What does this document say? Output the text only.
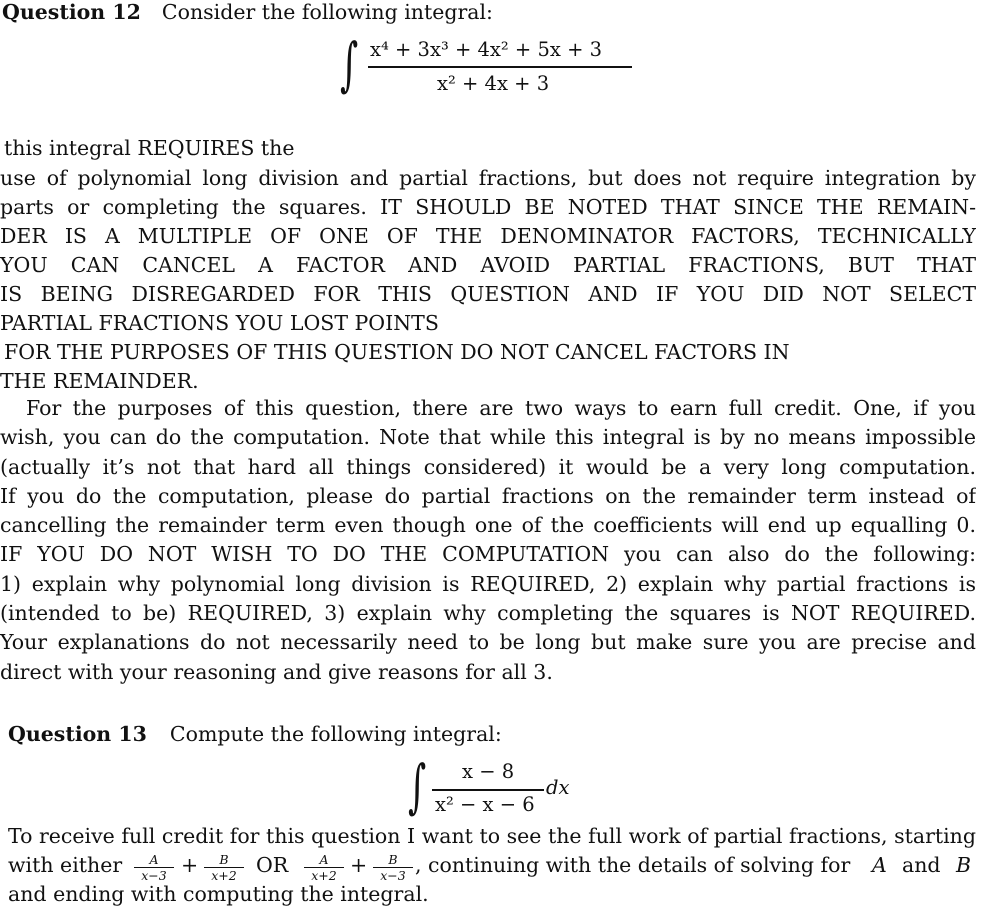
Question 12 Consider the following integral:
∫ x⁴ + 3x³ + 4x² + 5x + 3
x² + 4x + 3
this integral REQUIRES the
use of polynomial long division and partial fractions, but does not require integration by
parts or completing the squares. IT SHOULD BE NOTED THAT SINCE THE REMAIN-
DER IS A MULTIPLE OF ONE OF THE DENOMINATOR FACTORS, TECHNICALLY
YOU CAN CANCEL A FACTOR AND AVOID PARTIAL FRACTIONS, BUT THAT
IS BEING DISREGARDED FOR THIS QUESTION AND IF YOU DID NOT SELECT
PARTIAL FRACTIONS YOU LOST POINTS
FOR THE PURPOSES OF THIS QUESTION DO NOT CANCEL FACTORS IN
THE REMAINDER.
For the purposes of this question, there are two ways to earn full credit. One, if you
wish, you can do the computation. Note that while this integral is by no means impossible
(actually it’s not that hard all things considered) it would be a very long computation.
If you do the computation, please do partial fractions on the remainder term instead of
cancelling the remainder term even though one of the coefficients will end up equalling 0.
IF YOU DO NOT WISH TO DO THE COMPUTATION you can also do the following:
1) explain why polynomial long division is REQUIRED, 2) explain why partial fractions is
(intended to be) REQUIRED, 3) explain why completing the squares is NOT REQUIRED.
Your explanations do not necessarily need to be long but make sure you are precise and
direct with your reasoning and give reasons for all 3.
Question 13 Compute the following integral:
∫ x − 8
x² − x − 6
dx
To receive full credit for this question I want to see the full work of partial fractions, starting
with either	A
x−3 +	B
x+2 OR	A
x+2 +	B
x−3 , continuing with the details of solving for A and B
and ending with computing the integral.
